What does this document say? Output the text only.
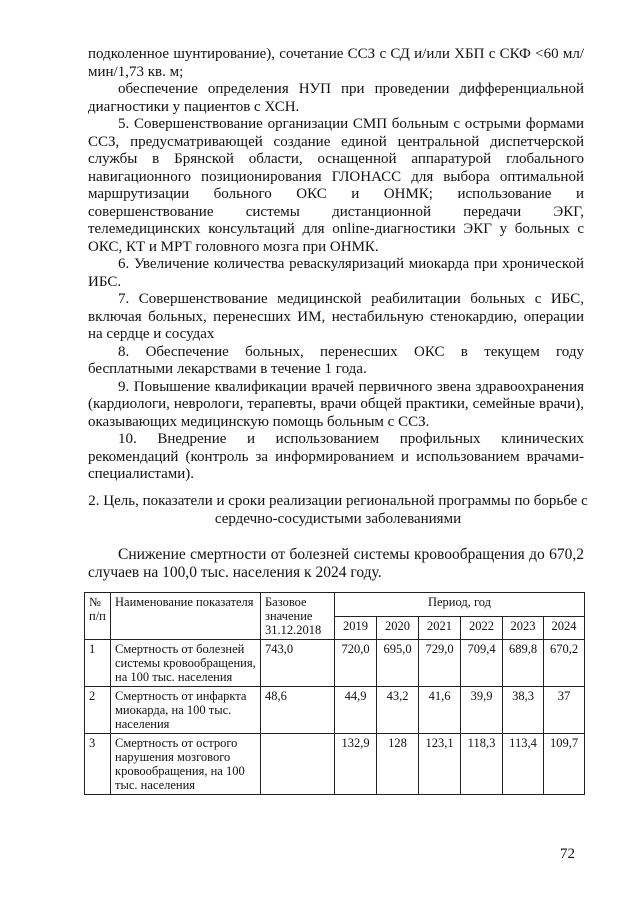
подколенное шунтирование), сочетание ССЗ с СД и/или ХБП с СКФ <60 мл/мин/1,73 кв. м;

обеспечение определения НУП при проведении дифференциальной диагностики у пациентов с ХСН.

5. Совершенствование организации СМП больным с острыми формами ССЗ, предусматривающей создание единой центральной диспетчерской службы в Брянской области, оснащенной аппаратурой глобального навигационного позиционирования ГЛОНАСС для выбора оптимальной маршрутизации больного ОКС и ОНМК; использование и совершенствование системы дистанционной передачи ЭКГ, телемедицинских консультаций для online-диагностики ЭКГ у больных с ОКС, КТ и МРТ головного мозга при ОНМК.

6. Увеличение количества реваскуляризаций миокарда при хронической ИБС.

7. Совершенствование медицинской реабилитации больных с ИБС, включая больных, перенесших ИМ, нестабильную стенокардию, операции на сердце и сосудах

8. Обеспечение больных, перенесших ОКС в текущем году бесплатными лекарствами в течение 1 года.

9. Повышение квалификации врачей первичного звена здравоохранения (кардиологи, неврологи, терапевты, врачи общей практики, семейные врачи), оказывающих медицинскую помощь больным с ССЗ.

10. Внедрение и использованием профильных клинических рекомендаций (контроль за информированием и использованием врачами-специалистами).

2. Цель, показатели и сроки реализации региональной программы по борьбе с сердечно-сосудистыми заболеваниями
Снижение смертности от болезней системы кровообращения до 670,2 случаев на 100,0 тыс. населения к 2024 году.
№ п/п	Наименование показателя	Базовое значение 31.12.2018	Период, год					
			2019	2020	2021	2022	2023	2024
1	Смертность от болезней системы кровообращения, на 100 тыс. населения	743,0	720,0	695,0	729,0	709,4	689,8	670,2
2	Смертность от инфаркта миокарда, на 100 тыс. населения	48,6	44,9	43,2	41,6	39,9	38,3	37
3	Смертность от острого нарушения мозгового кровообращения, на 100 тыс. населения		132,9	128	123,1	118,3	113,4	109,7
72
